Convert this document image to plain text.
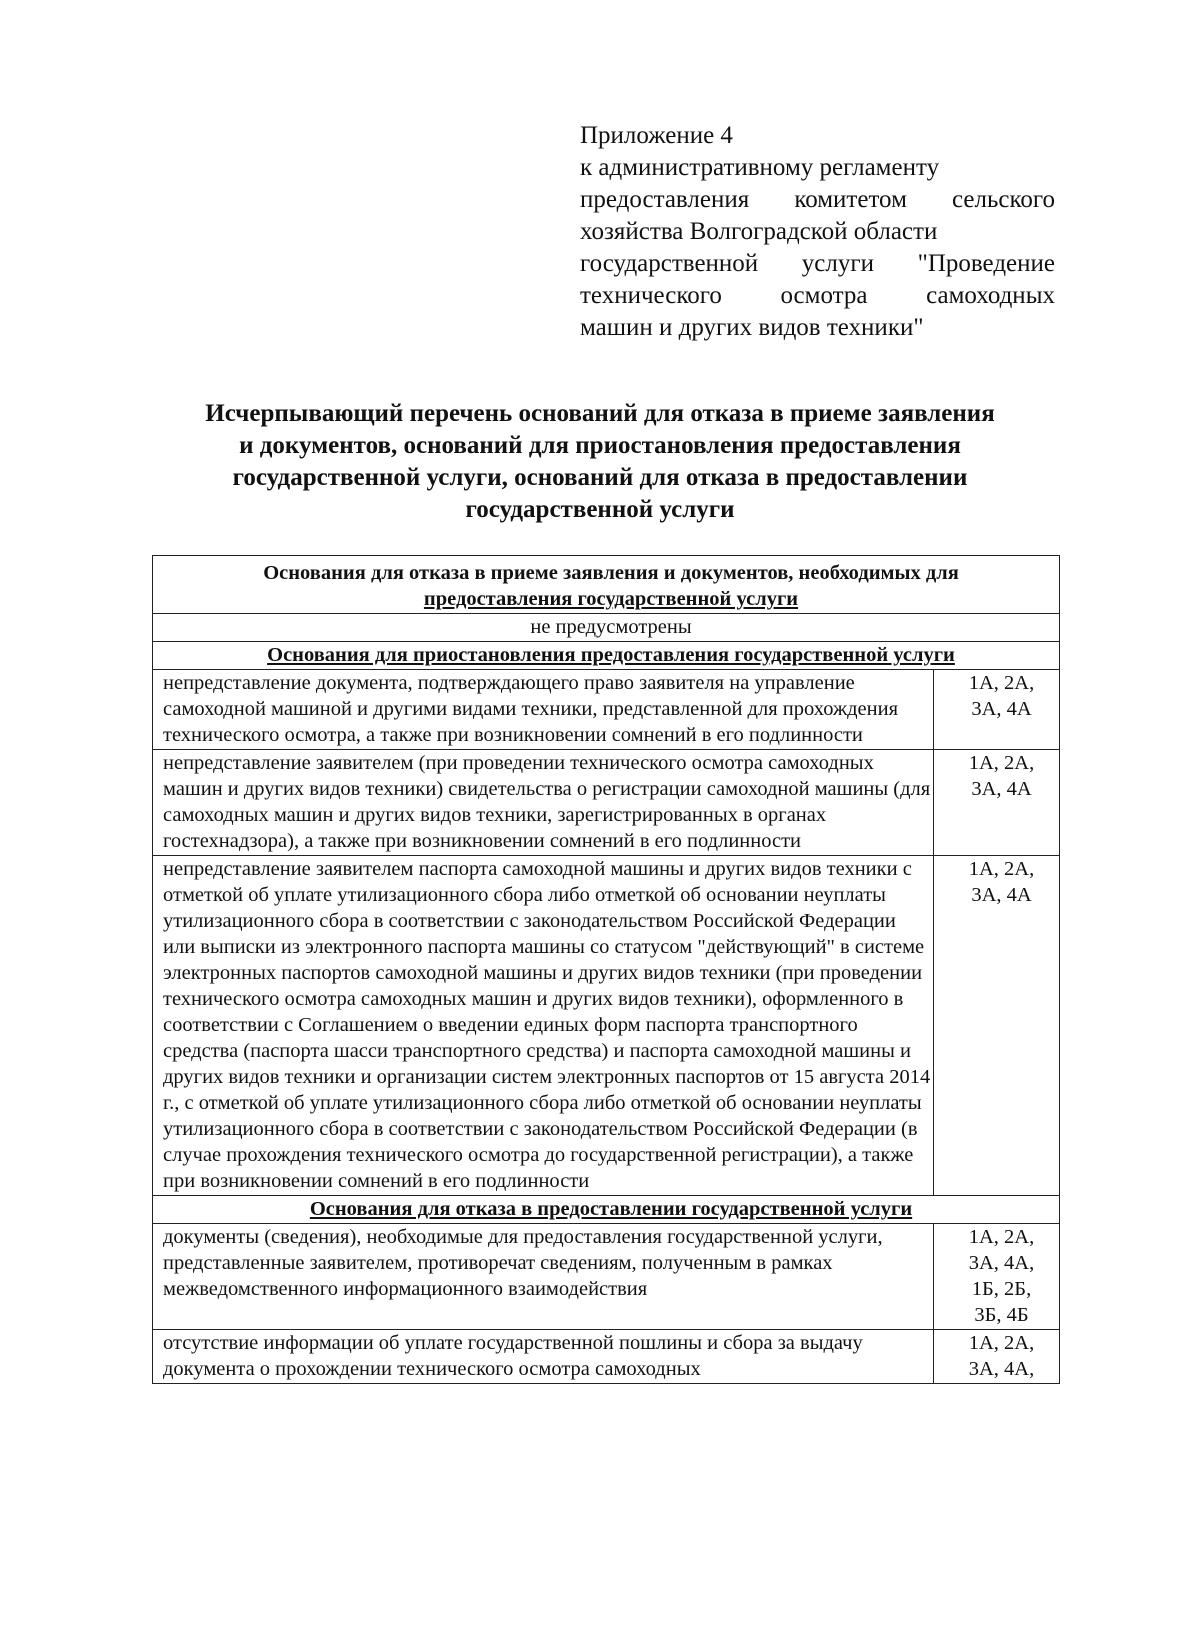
Приложение 4
к административному регламенту
предоставления комитетом сельского
хозяйства Волгоградской области
государственной услуги "Проведение
технического осмотра самоходных
машин и других видов техники"
Исчерпывающий перечень оснований для отказа в приеме заявления
и документов, оснований для приостановления предоставления
государственной услуги, оснований для отказа в предоставлении
государственной услуги
Основания для отказа в приеме заявления и документов, необходимых для
предоставления государственной услуги	

не предусмотрены	

Основания для приостановления предоставления государственной услуги	

непредставление документа, подтверждающего право заявителя на управление самоходной машиной и другими видами техники, представленной для прохождения технического осмотра, а также при возникновении сомнений в его подлинности	1А, 2А,
3А, 4А

непредставление заявителем (при проведении технического осмотра самоходных машин и других видов техники) свидетельства о регистрации самоходной машины (для самоходных машин и других видов техники, зарегистрированных в органах гостехнадзора), а также при возникновении сомнений в его подлинности	1А, 2А,
3А, 4А

непредставление заявителем паспорта самоходной машины и других видов техники с отметкой об уплате утилизационного сбора либо отметкой об основании неуплаты утилизационного сбора в соответствии с законодательством Российской Федерации или выписки из электронного паспорта машины со статусом "действующий" в системе электронных паспортов самоходной машины и других видов техники (при проведении технического осмотра самоходных машин и других видов техники), оформленного в соответствии с Соглашением о введении единых форм паспорта транспортного средства (паспорта шасси транспортного средства) и паспорта самоходной машины и других видов техники и организации систем электронных паспортов от 15 августа 2014 г., с отметкой об уплате утилизационного сбора либо отметкой об основании неуплаты утилизационного сбора в соответствии с законодательством Российской Федерации (в случае прохождения технического осмотра до государственной регистрации), а также при возникновении сомнений в его подлинности	1А, 2А,
3А, 4А

Основания для отказа в предоставлении государственной услуги	

документы (сведения), необходимые для предоставления государственной услуги, представленные заявителем, противоречат сведениям, полученным в рамках межведомственного информационного взаимодействия	1А, 2А,
3А, 4А,
1Б, 2Б,
3Б, 4Б

отсутствие информации об уплате государственной пошлины и сбора за выдачу документа о прохождении технического осмотра самоходных	1А, 2А,
3А, 4А,
